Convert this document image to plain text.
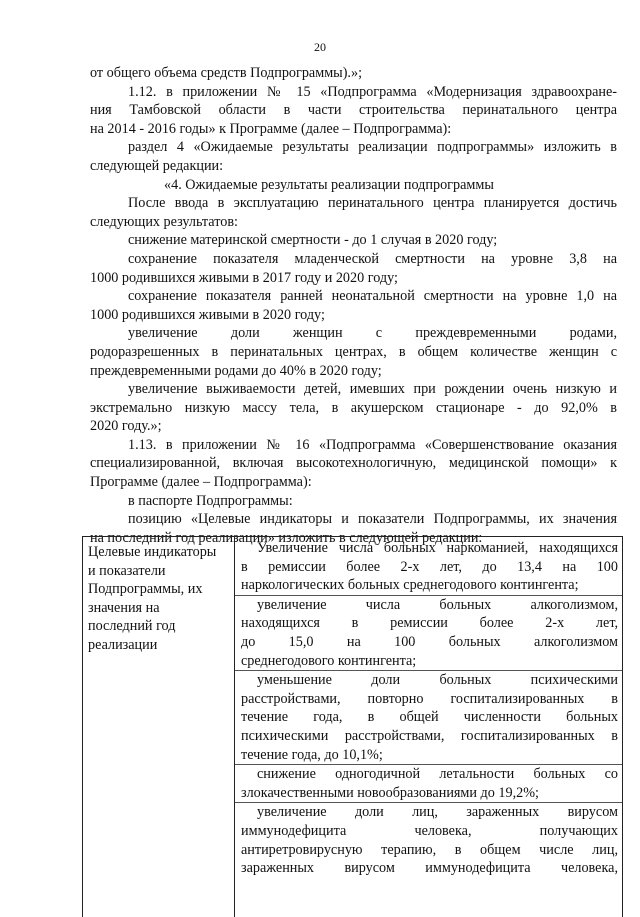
20
от общего объема средств Подпрограммы).»;
1.12. в приложении № 15 «Подпрограмма «Модернизация здравоохране-
ния Тамбовской области в части строительства перинатального центра
на 2014 - 2016 годы» к Программе (далее – Подпрограмма):
раздел 4 «Ожидаемые результаты реализации подпрограммы» изложить в
следующей редакции:
«4. Ожидаемые результаты реализации подпрограммы
После ввода в эксплуатацию перинатального центра планируется достичь
следующих результатов:
снижение материнской смертности - до 1 случая в 2020 году;
сохранение показателя младенческой смертности на уровне 3,8 на
1000 родившихся живыми в 2017 году и 2020 году;
сохранение показателя ранней неонатальной смертности на уровне 1,0 на
1000 родившихся живыми в 2020 году;
увеличение доли женщин с преждевременными родами,
родоразрешенных в перинатальных центрах, в общем количестве женщин с
преждевременными родами до 40% в 2020 году;
увеличение выживаемости детей, имевших при рождении очень низкую и
экстремально низкую массу тела, в акушерском стационаре - до 92,0% в
2020 году.»;
1.13. в приложении № 16 «Подпрограмма «Совершенствование оказания
специализированной, включая высокотехнологичную, медицинской помощи» к
Программе (далее – Подпрограмма):
в паспорте Подпрограммы:
позицию «Целевые индикаторы и показатели Подпрограммы, их значения
на последний год реализации» изложить в следующей редакции:
Целевые индикаторы
и показатели
Подпрограммы, их
значения на
последний год
реализации
Увеличение числа больных наркоманией, находящихся
в ремиссии более 2-х лет, до 13,4 на 100
наркологических больных среднегодового контингента;
увеличение числа больных алкоголизмом,
находящихся в ремиссии более 2-х лет,
до 15,0 на 100 больных алкоголизмом
среднегодового контингента;
уменьшение доли больных психическими
расстройствами, повторно госпитализированных в
течение года, в общей численности больных
психическими расстройствами, госпитализированных в
течение года, до 10,1%;
снижение одногодичной летальности больных со
злокачественными новообразованиями до 19,2%;
увеличение доли лиц, зараженных вирусом
иммунодефицита человека, получающих
антиретровирусную терапию, в общем числе лиц,
зараженных вирусом иммунодефицита человека,
